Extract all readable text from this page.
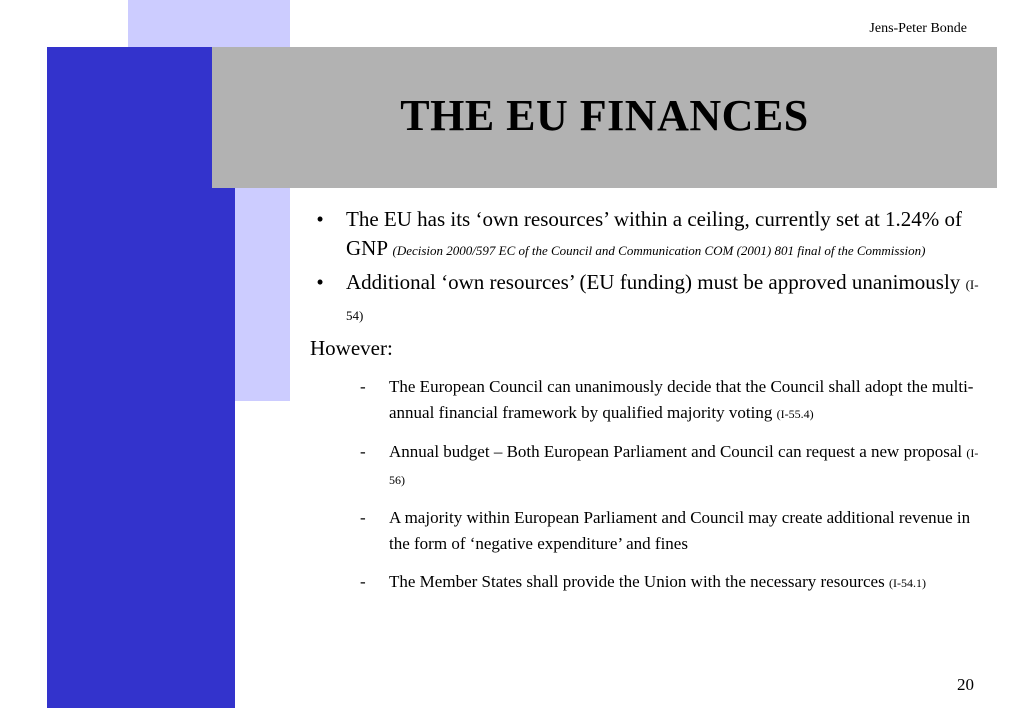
Jens-Peter Bonde
THE EU FINANCES
•	The EU has its ‘own resources’ within a ceiling, currently set at 1.24% of GNP (Decision 2000/597 EC of the Council and Communication COM (2001) 801 final of the Commission)
•	Additional ‘own resources’ (EU funding) must be approved unanimously (I-54)
However:
- The European Council can unanimously decide that the Council shall adopt the multi-annual financial framework by qualified majority voting (I-55.4)
- Annual budget – Both European Parliament and Council can request a new proposal (I-56)
- A majority within European Parliament and Council may create additional revenue in the form of ‘negative expenditure’ and fines
- The Member States shall provide the Union with the necessary resources (I-54.1)
20
